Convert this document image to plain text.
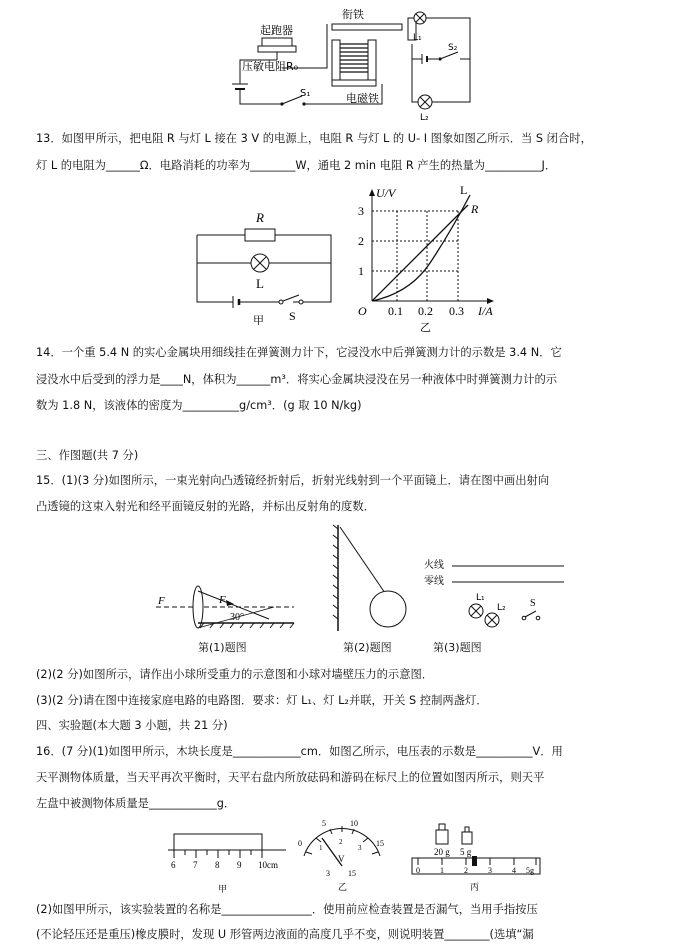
起跑器
压敏电阻R₀
S₁
衔铁
电磁铁
L₁
L₂
S₂
13．如图甲所示，把电阻 R 与灯 L 接在 3 V 的电源上，电阻 R 与灯 L 的 U- I 图象如图乙所示．当 S 闭合时，
灯 L 的电阻为______Ω．电路消耗的功率为________W，通电 2 min 电阻 R 产生的热量为__________J．
R
L
S
甲
U/V
I/A
O
1
2
3
0.1 0.2 0.3
L
R
乙
14．一个重 5.4 N 的实心金属块用细线挂在弹簧测力计下，它浸没水中后弹簧测力计的示数是 3.4 N．它
浸没水中后受到的浮力是____N，体积为______m³．将实心金属块浸没在另一种液体中时弹簧测力计的示
数为 1.8 N，该液体的密度为__________g/cm³．(g 取 10 N/kg)
三、作图题(共 7 分)
15．(1)(3 分)如图所示，一束光射向凸透镜经折射后，折射光线射到一个平面镜上．请在图中画出射向
凸透镜的这束入射光和经平面镜反射的光路，并标出反射角的度数．
F	F
30°
第(1)题图	第(2)题图
火线
零线
L₁
L₂ S
第(3)题图
(2)(2 分)如图所示，请作出小球所受重力的示意图和小球对墙壁压力的示意图．
(3)(2 分)请在图中连接家庭电路的电路图．要求：灯 L₁、灯 L₂并联，开关 S 控制两盏灯．
四、实验题(本大题 3 小题，共 21 分)
16．(7 分)(1)如图甲所示，木块长度是____________cm．如图乙所示，电压表的示数是__________V．用
天平测物体质量，当天平再次平衡时，天平右盘内所放砝码和游码在标尺上的位置如图丙所示，则天平
左盘中被测物体质量是____________g．
6 7 8 9 10cm
甲
0
5	10
15
1
2
3
V
3 15
乙
20 g 5 g
0	1	2	3	4 5g
丙
(2)如图甲所示，该实验装置的名称是________________．使用前应检查装置是否漏气，当用手指按压
(不论轻压还是重压)橡皮膜时，发现 U 形管两边液面的高度几乎不变，则说明装置________(选填“漏
